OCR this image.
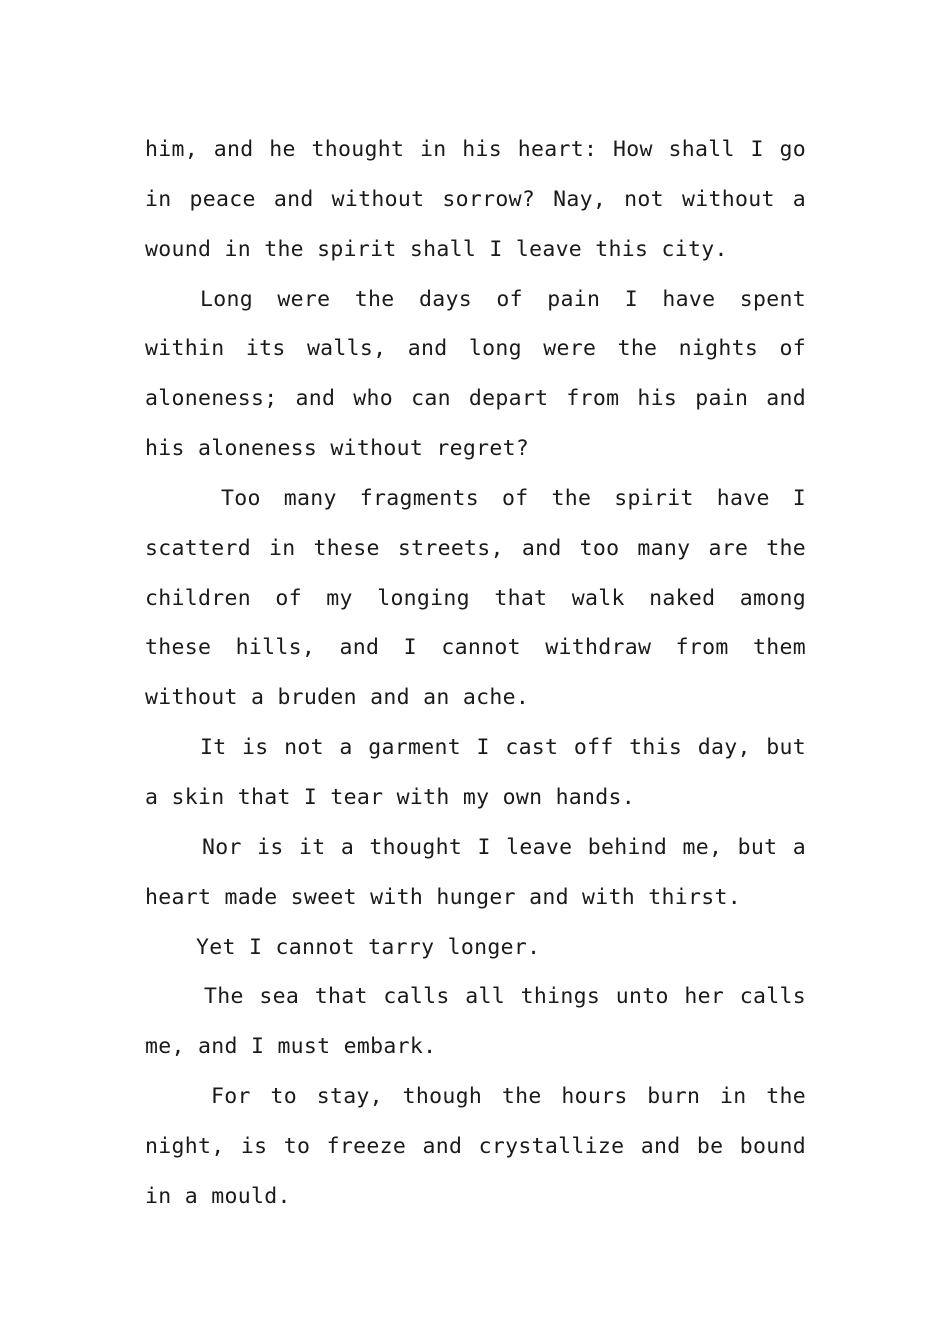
him, and he thought in his heart: How shall I go in peace and without sorrow? Nay, not without a wound in the spirit shall I leave this city.

Long were the days of pain I have spent within its walls, and long were the nights of aloneness; and who can depart from his pain and his aloneness without regret?

Too many fragments of the spirit have I scatterd in these streets, and too many are the children of my longing that walk naked among these hills, and I cannot withdraw from them without a bruden and an ache.

It is not a garment I cast off this day, but a skin that I tear with my own hands.

Nor is it a thought I leave behind me, but a heart made sweet with hunger and with thirst.

Yet I cannot tarry longer.

The sea that calls all things unto her calls me, and I must embark.

For to stay, though the hours burn in the night, is to freeze and crystallize and be bound in a mould.
